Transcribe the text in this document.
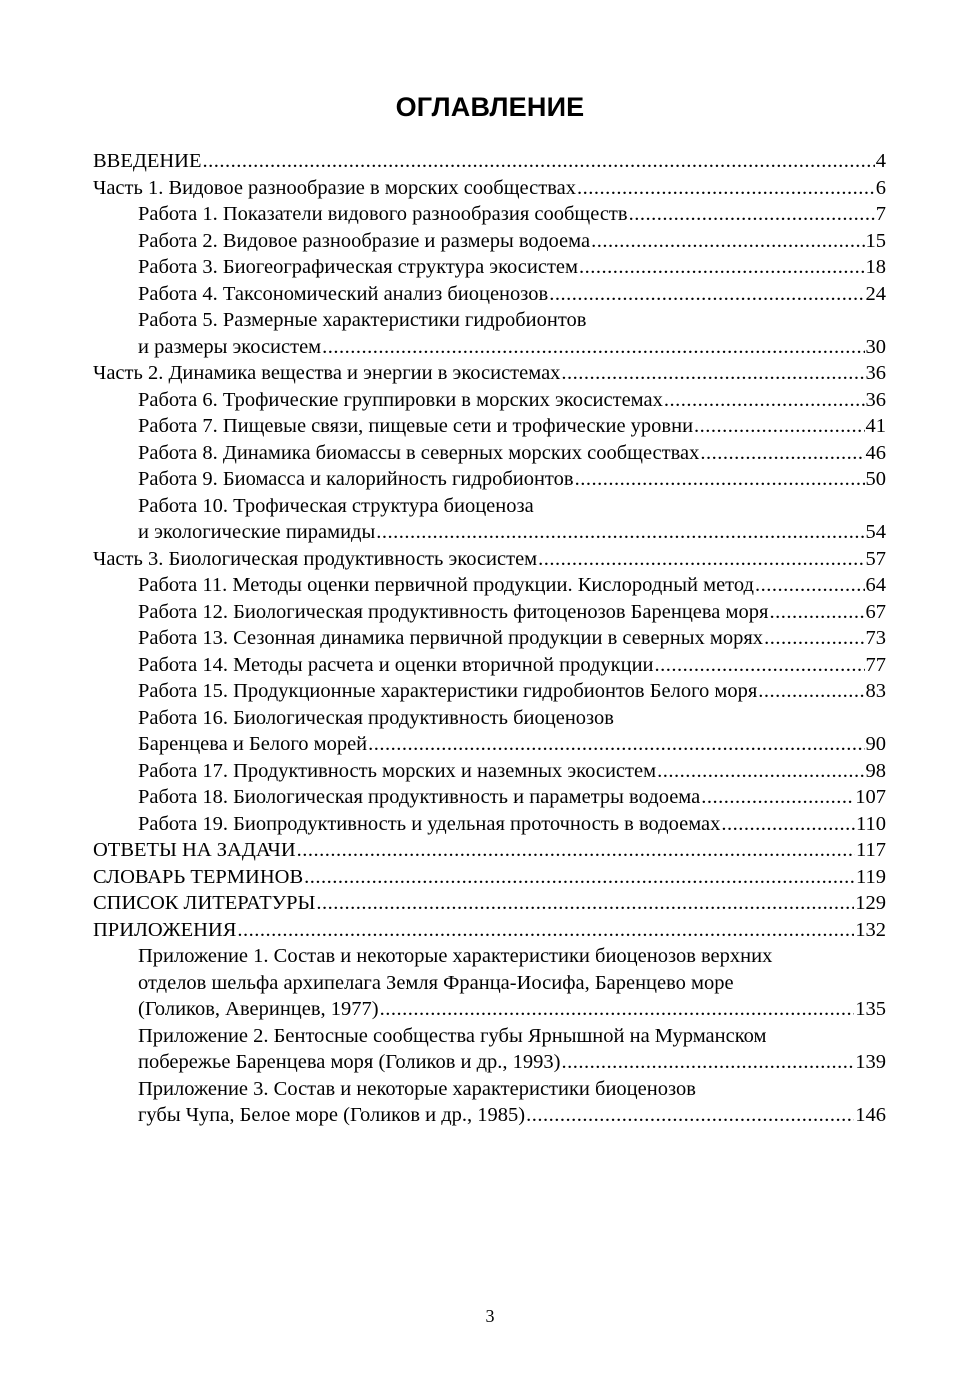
ОГЛАВЛЕНИЕ
ВВЕДЕНИЕ .....	4
Часть 1. Видовое разнообразие в морских сообществах .....	6
Работа 1. Показатели видового разнообразия сообществ .....	7
Работа 2. Видовое разнообразие и размеры водоема .....	15
Работа 3. Биогеографическая структура экосистем .....	18
Работа 4. Таксономический анализ биоценозов .....	24
Работа 5. Размерные характеристики гидробионтов
и размеры экосистем .....	30
Часть 2. Динамика вещества и энергии в экосистемах .....	36
Работа 6. Трофические группировки в морских экосистемах .....	36
Работа 7. Пищевые связи, пищевые сети и трофические уровни .....	41
Работа 8. Динамика биомассы в северных морских сообществах .....	46
Работа 9. Биомасса и калорийность гидробионтов .....	50
Работа 10. Трофическая структура биоценоза
и экологические пирамиды .....	54
Часть 3. Биологическая продуктивность экосистем .....	57
Работа 11. Методы оценки первичной продукции. Кислородный метод .....	64
Работа 12. Биологическая продуктивность фитоценозов Баренцева моря .....	67
Работа 13. Сезонная динамика первичной продукции в северных морях .....	73
Работа 14. Методы расчета и оценки вторичной продукции .....	77
Работа 15. Продукционные характеристики гидробионтов Белого моря .....	83
Работа 16. Биологическая продуктивность биоценозов
Баренцева и Белого морей .....	90
Работа 17. Продуктивность морских и наземных экосистем .....	98
Работа 18. Биологическая продуктивность и параметры водоема .....	107
Работа 19. Биопродуктивность и удельная проточность в водоемах .....	110
ОТВЕТЫ НА ЗАДАЧИ .....	117
СЛОВАРЬ ТЕРМИНОВ .....	119
СПИСОК ЛИТЕРАТУРЫ .....	129
ПРИЛОЖЕНИЯ .....	132
Приложение 1. Состав и некоторые характеристики биоценозов верхних
отделов шельфа архипелага Земля Франца-Иосифа, Баренцево море
(Голиков, Аверинцев, 1977) .....	135
Приложение 2. Бентосные сообщества губы Ярнышной на Мурманском
побережье Баренцева моря (Голиков и др., 1993) .....	139
Приложение 3. Состав и некоторые характеристики биоценозов
губы Чупа, Белое море (Голиков и др., 1985) .....	146
3
